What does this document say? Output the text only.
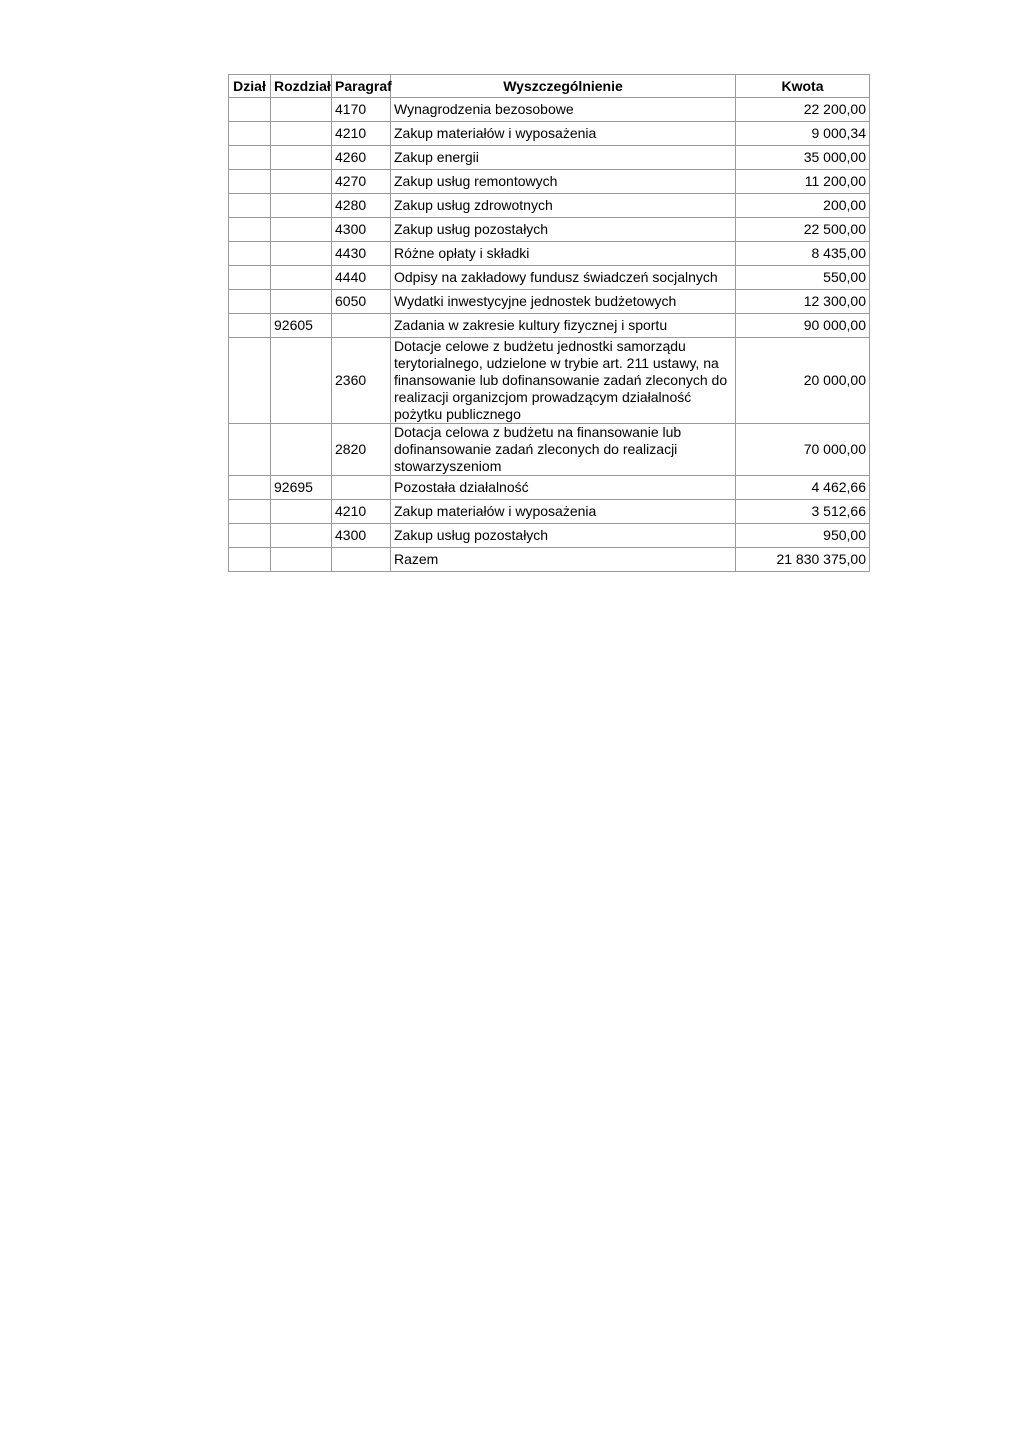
Dział	Rozdział	Paragraf	Wyszczególnienie	Kwota
		4170	Wynagrodzenia bezosobowe	22 200,00
		4210	Zakup materiałów i wyposażenia	9 000,34
		4260	Zakup energii	35 000,00
		4270	Zakup usług remontowych	11 200,00
		4280	Zakup usług zdrowotnych	200,00
		4300	Zakup usług pozostałych	22 500,00
		4430	Różne opłaty i składki	8 435,00
		4440	Odpisy na zakładowy fundusz świadczeń socjalnych	550,00
		6050	Wydatki inwestycyjne jednostek budżetowych	12 300,00
	92605		Zadania w zakresie kultury fizycznej i sportu	90 000,00
		2360	Dotacje celowe z budżetu jednostki samorządu terytorialnego, udzielone w trybie art. 211 ustawy, na finansowanie lub dofinansowanie zadań zleconych do realizacji organizcjom prowadzącym działalność pożytku publicznego	20 000,00
		2820	Dotacja celowa z budżetu na finansowanie lub dofinansowanie zadań zleconych do realizacji stowarzyszeniom	70 000,00
	92695		Pozostała działalność	4 462,66
		4210	Zakup materiałów i wyposażenia	3 512,66
		4300	Zakup usług pozostałych	950,00
			Razem	21 830 375,00
